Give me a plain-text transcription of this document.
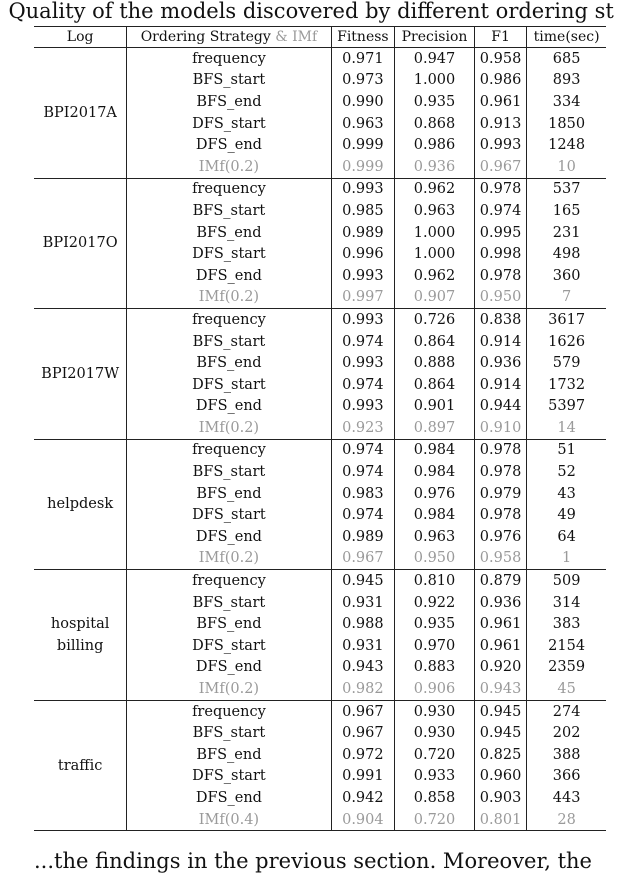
Quality of the models discovered by different ordering st
Log	Ordering Strategy & IMf	Fitness	Precision	F1	time(sec)

BPI2017A	frequency	0.971	0.947	0.958	685
	BFS_start	0.973	1.000	0.986	893
	BFS_end	0.990	0.935	0.961	334
	DFS_start	0.963	0.868	0.913	1850
	DFS_end	0.999	0.986	0.993	1248
	IMf(0.2)	0.999	0.936	0.967	10

BPI2017O	frequency	0.993	0.962	0.978	537
	BFS_start	0.985	0.963	0.974	165
	BFS_end	0.989	1.000	0.995	231
	DFS_start	0.996	1.000	0.998	498
	DFS_end	0.993	0.962	0.978	360
	IMf(0.2)	0.997	0.907	0.950	7

BPI2017W	frequency	0.993	0.726	0.838	3617
	BFS_start	0.974	0.864	0.914	1626
	BFS_end	0.993	0.888	0.936	579
	DFS_start	0.974	0.864	0.914	1732
	DFS_end	0.993	0.901	0.944	5397
	IMf(0.2)	0.923	0.897	0.910	14

helpdesk	frequency	0.974	0.984	0.978	51
	BFS_start	0.974	0.984	0.978	52
	BFS_end	0.983	0.976	0.979	43
	DFS_start	0.974	0.984	0.978	49
	DFS_end	0.989	0.963	0.976	64
	IMf(0.2)	0.967	0.950	0.958	1

hospital
billing	frequency	0.945	0.810	0.879	509
	BFS_start	0.931	0.922	0.936	314
	BFS_end	0.988	0.935	0.961	383
	DFS_start	0.931	0.970	0.961	2154
	DFS_end	0.943	0.883	0.920	2359
	IMf(0.2)	0.982	0.906	0.943	45

traffic	frequency	0.967	0.930	0.945	274
	BFS_start	0.967	0.930	0.945	202
	BFS_end	0.972	0.720	0.825	388
	DFS_start	0.991	0.933	0.960	366
	DFS_end	0.942	0.858	0.903	443
	IMf(0.4)	0.904	0.720	0.801	28
...the findings in the previous section. Moreover, the
